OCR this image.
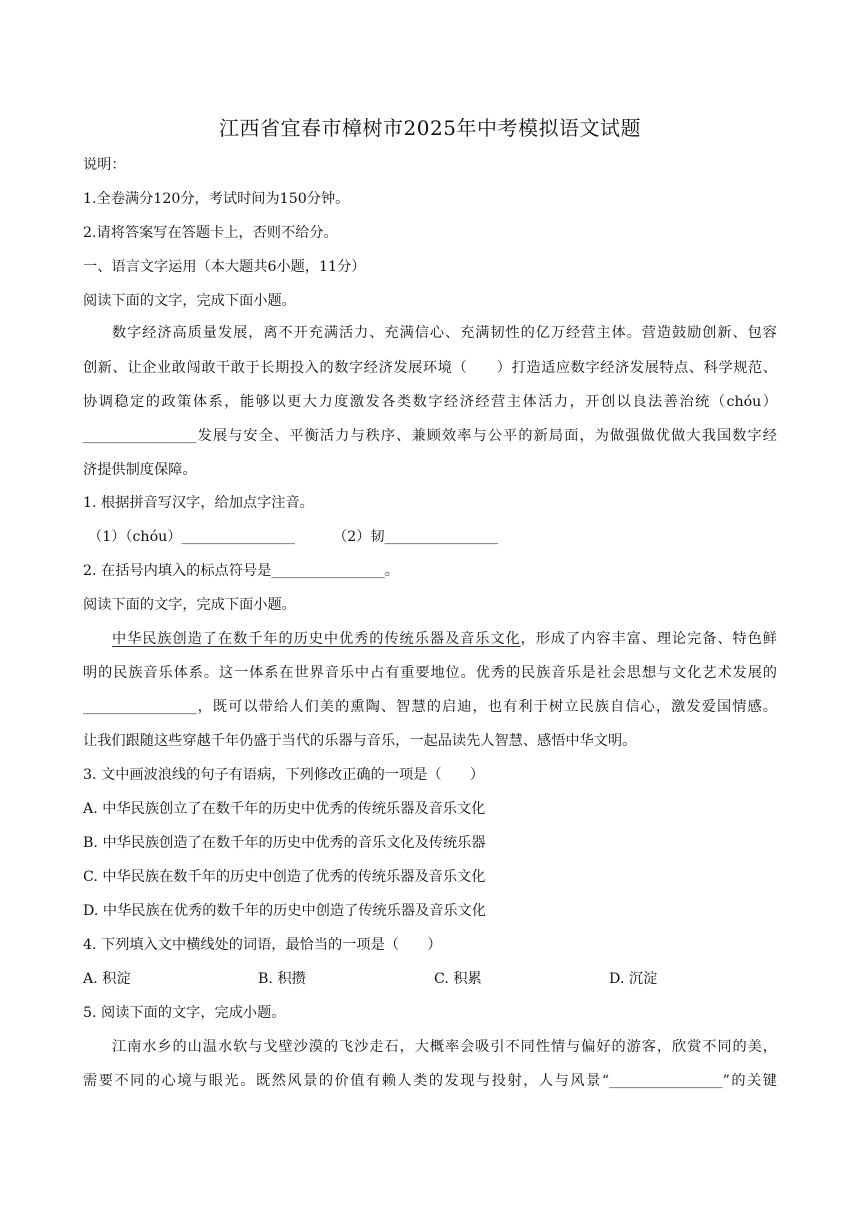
江西省宜春市樟树市2025年中考模拟语文试题
说明：
1.全卷满分120分，考试时间为150分钟。
2.请将答案写在答题卡上，否则不给分。
一、语言文字运用（本大题共6小题，11分）
阅读下面的文字，完成下面小题。
数字经济高质量发展，离不开充满活力、充满信心、充满韧性的亿万经营主体。营造鼓励创新、包容
创新、让企业敢闯敢干敢于长期投入的数字经济发展环境（　　）打造适应数字经济发展特点、科学规范、
协调稳定的政策体系，能够以更大力度激发各类数字经济经营主体活力，开创以良法善治统（chóu）
________________发展与安全、平衡活力与秩序、兼顾效率与公平的新局面，为做强做优做大我国数字经
济提供制度保障。
1. 根据拼音写汉字，给加点字注音。
（1）（chóu）________________	（2）韧________________
2. 在括号内填入的标点符号是________________。
阅读下面的文字，完成下面小题。
中华民族创造了在数千年的历史中优秀的传统乐器及音乐文化，形成了内容丰富、理论完备、特色鲜
明的民族音乐体系。这一体系在世界音乐中占有重要地位。优秀的民族音乐是社会思想与文化艺术发展的
________________，既可以带给人们美的熏陶、智慧的启迪，也有利于树立民族自信心，激发爱国情感。
让我们跟随这些穿越千年仍盛于当代的乐器与音乐，一起品读先人智慧、感悟中华文明。
3. 文中画波浪线的句子有语病，下列修改正确的一项是（　　）
A. 中华民族创立了在数千年的历史中优秀的传统乐器及音乐文化
B. 中华民族创造了在数千年的历史中优秀的音乐文化及传统乐器
C. 中华民族在数千年的历史中创造了优秀的传统乐器及音乐文化
D. 中华民族在优秀的数千年的历史中创造了传统乐器及音乐文化
4. 下列填入文中横线处的词语，最恰当的一项是（　　）
A. 积淀	B. 积攒	C. 积累	D. 沉淀
5. 阅读下面的文字，完成小题。
江南水乡的山温水软与戈壁沙漠的飞沙走石，大概率会吸引不同性情与偏好的游客，欣赏不同的美，
需要不同的心境与眼光。既然风景的价值有赖人类的发现与投射，人与风景“________________”的关键
